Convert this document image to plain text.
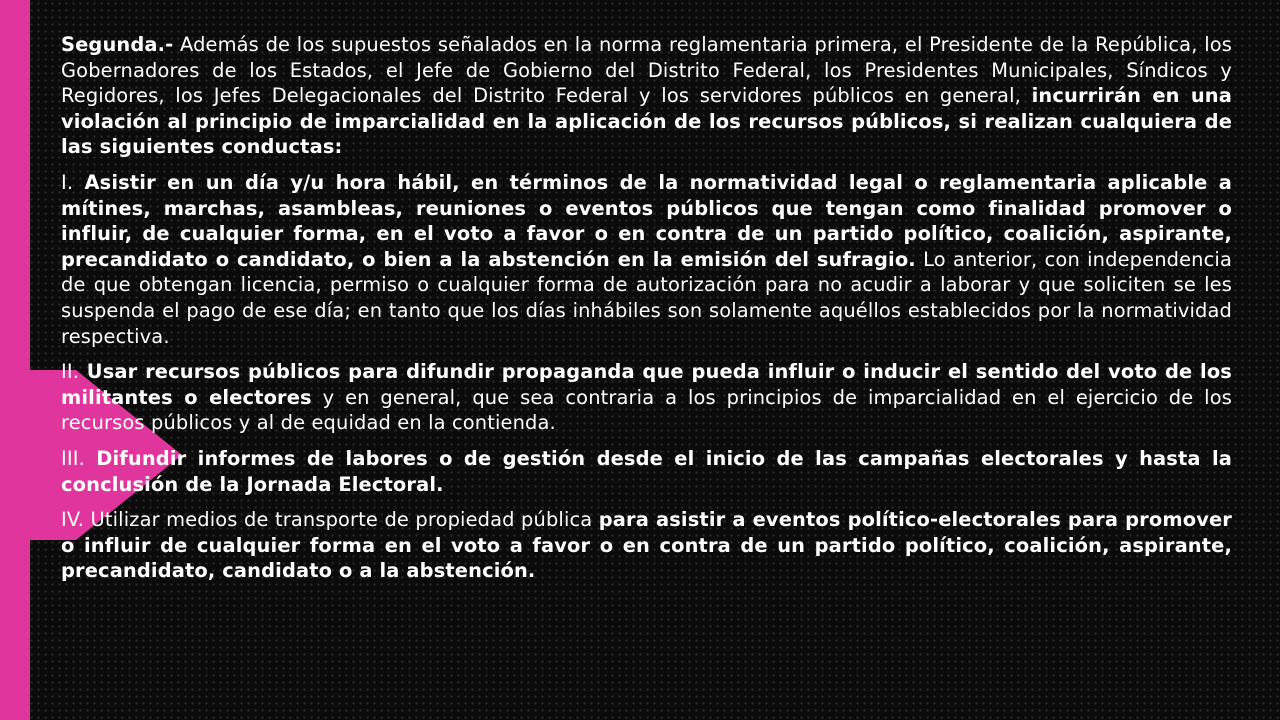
Segunda.- Además de los supuestos señalados en la norma reglamentaria primera, el Presidente de la República, los Gobernadores de los Estados, el Jefe de Gobierno del Distrito Federal, los Presidentes Municipales, Síndicos y Regidores, los Jefes Delegacionales del Distrito Federal y los servidores públicos en general, incurrirán en una violación al principio de imparcialidad en la aplicación de los recursos públicos, si realizan cualquiera de las siguientes conductas:

I. Asistir en un día y/u hora hábil, en términos de la normatividad legal o reglamentaria aplicable a mítines, marchas, asambleas, reuniones o eventos públicos que tengan como finalidad promover o influir, de cualquier forma, en el voto a favor o en contra de un partido político, coalición, aspirante, precandidato o candidato, o bien a la abstención en la emisión del sufragio. Lo anterior, con independencia de que obtengan licencia, permiso o cualquier forma de autorización para no acudir a laborar y que soliciten se les suspenda el pago de ese día; en tanto que los días inhábiles son solamente aquéllos establecidos por la normatividad respectiva.

II. Usar recursos públicos para difundir propaganda que pueda influir o inducir el sentido del voto de los militantes o electores y en general, que sea contraria a los principios de imparcialidad en el ejercicio de los recursos públicos y al de equidad en la contienda.

III. Difundir informes de labores o de gestión desde el inicio de las campañas electorales y hasta la conclusión de la Jornada Electoral.

IV. Utilizar medios de transporte de propiedad pública para asistir a eventos político-electorales para promover o influir de cualquier forma en el voto a favor o en contra de un partido político, coalición, aspirante, precandidato, candidato o a la abstención.
